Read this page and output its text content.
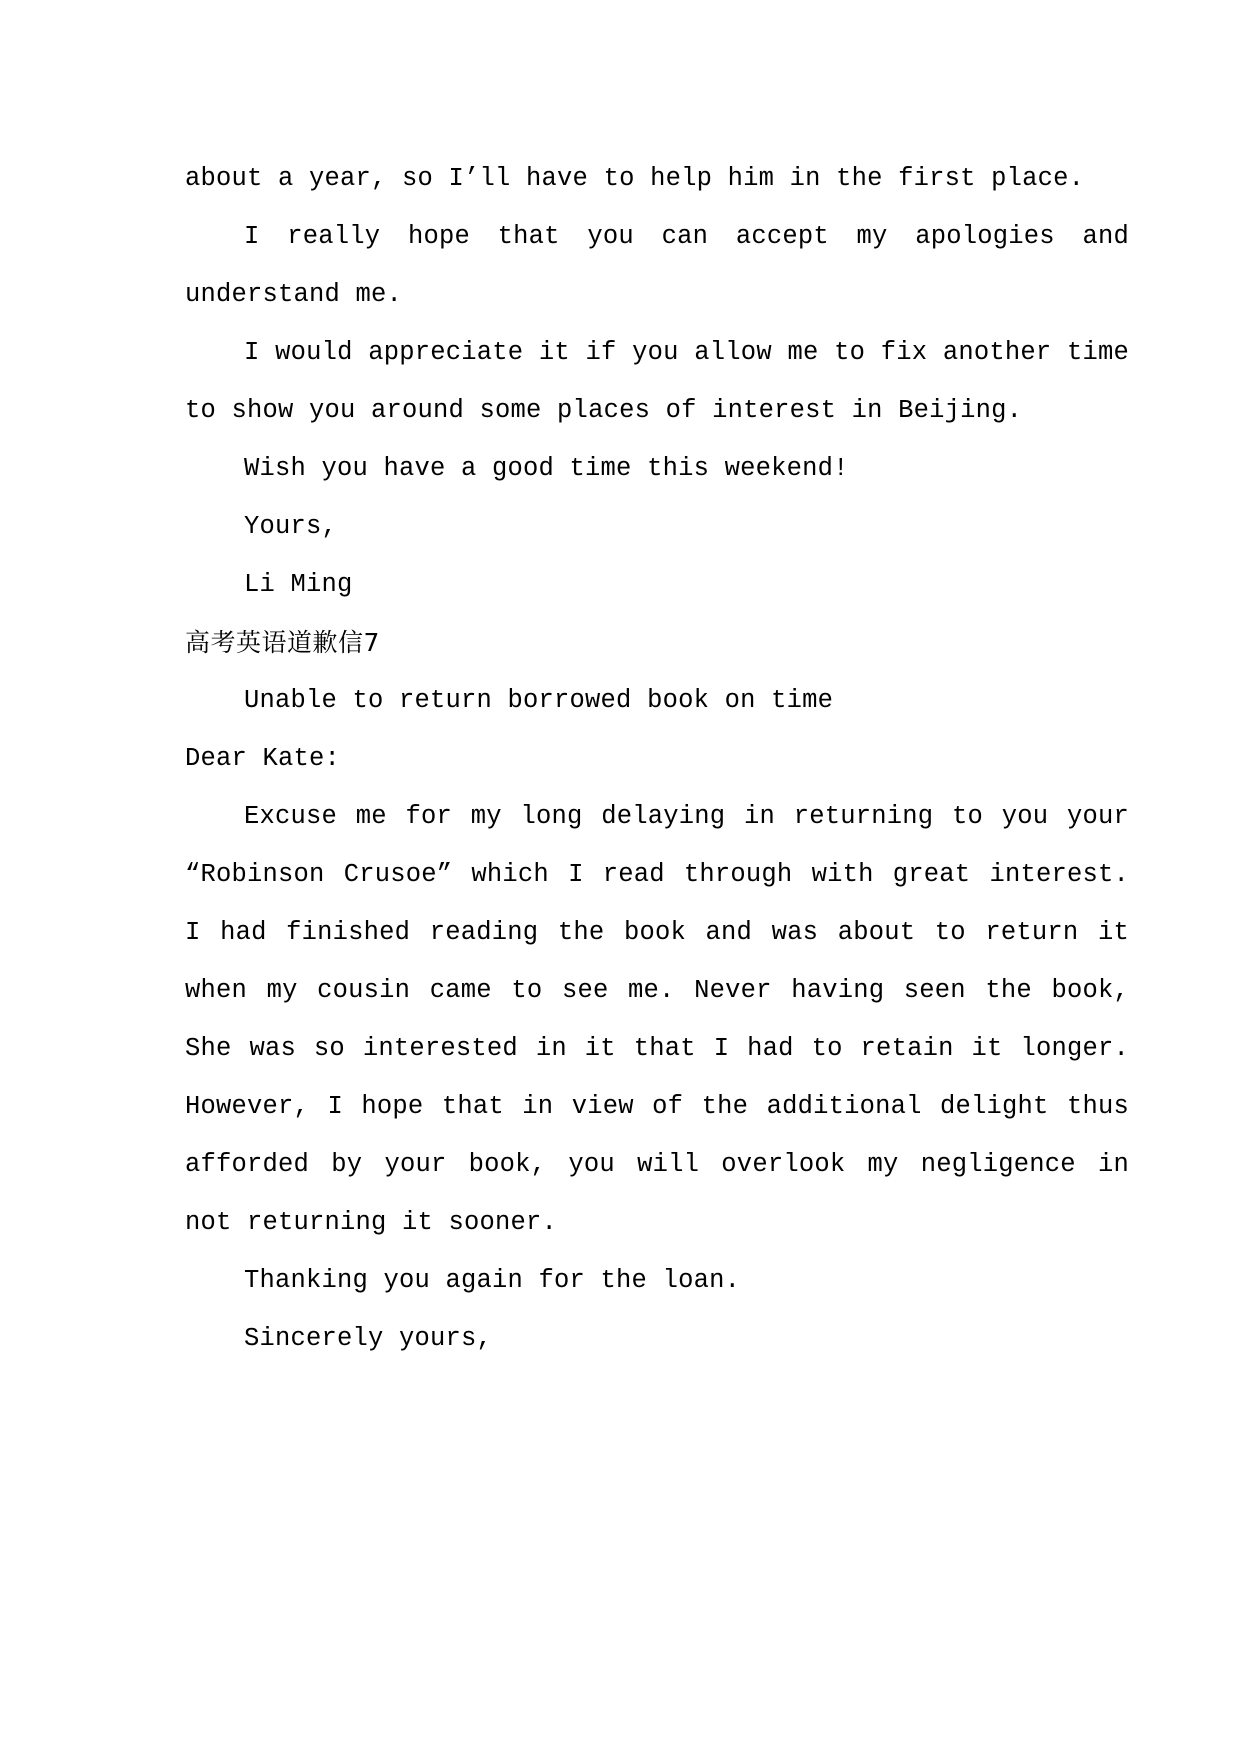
about a year, so I’ll have to help him in the first place.

I really hope that you can accept my apologies and understand me.

I would appreciate it if you allow me to fix another time to show you around some places of interest in Beijing.

Wish you have a good time this weekend!

Yours,

Li Ming

高考英语道歉信7

Unable to return borrowed book on time

Dear Kate:

Excuse me for my long delaying in returning to you your “Robinson Crusoe” which I read through with great interest. I had finished reading the book and was about to return it when my cousin came to see me. Never having seen the book, She was so interested in it that I had to retain it longer. However, I hope that in view of the additional delight thus afforded by your book, you will overlook my negligence in not returning it sooner.

Thanking you again for the loan.

Sincerely yours,
